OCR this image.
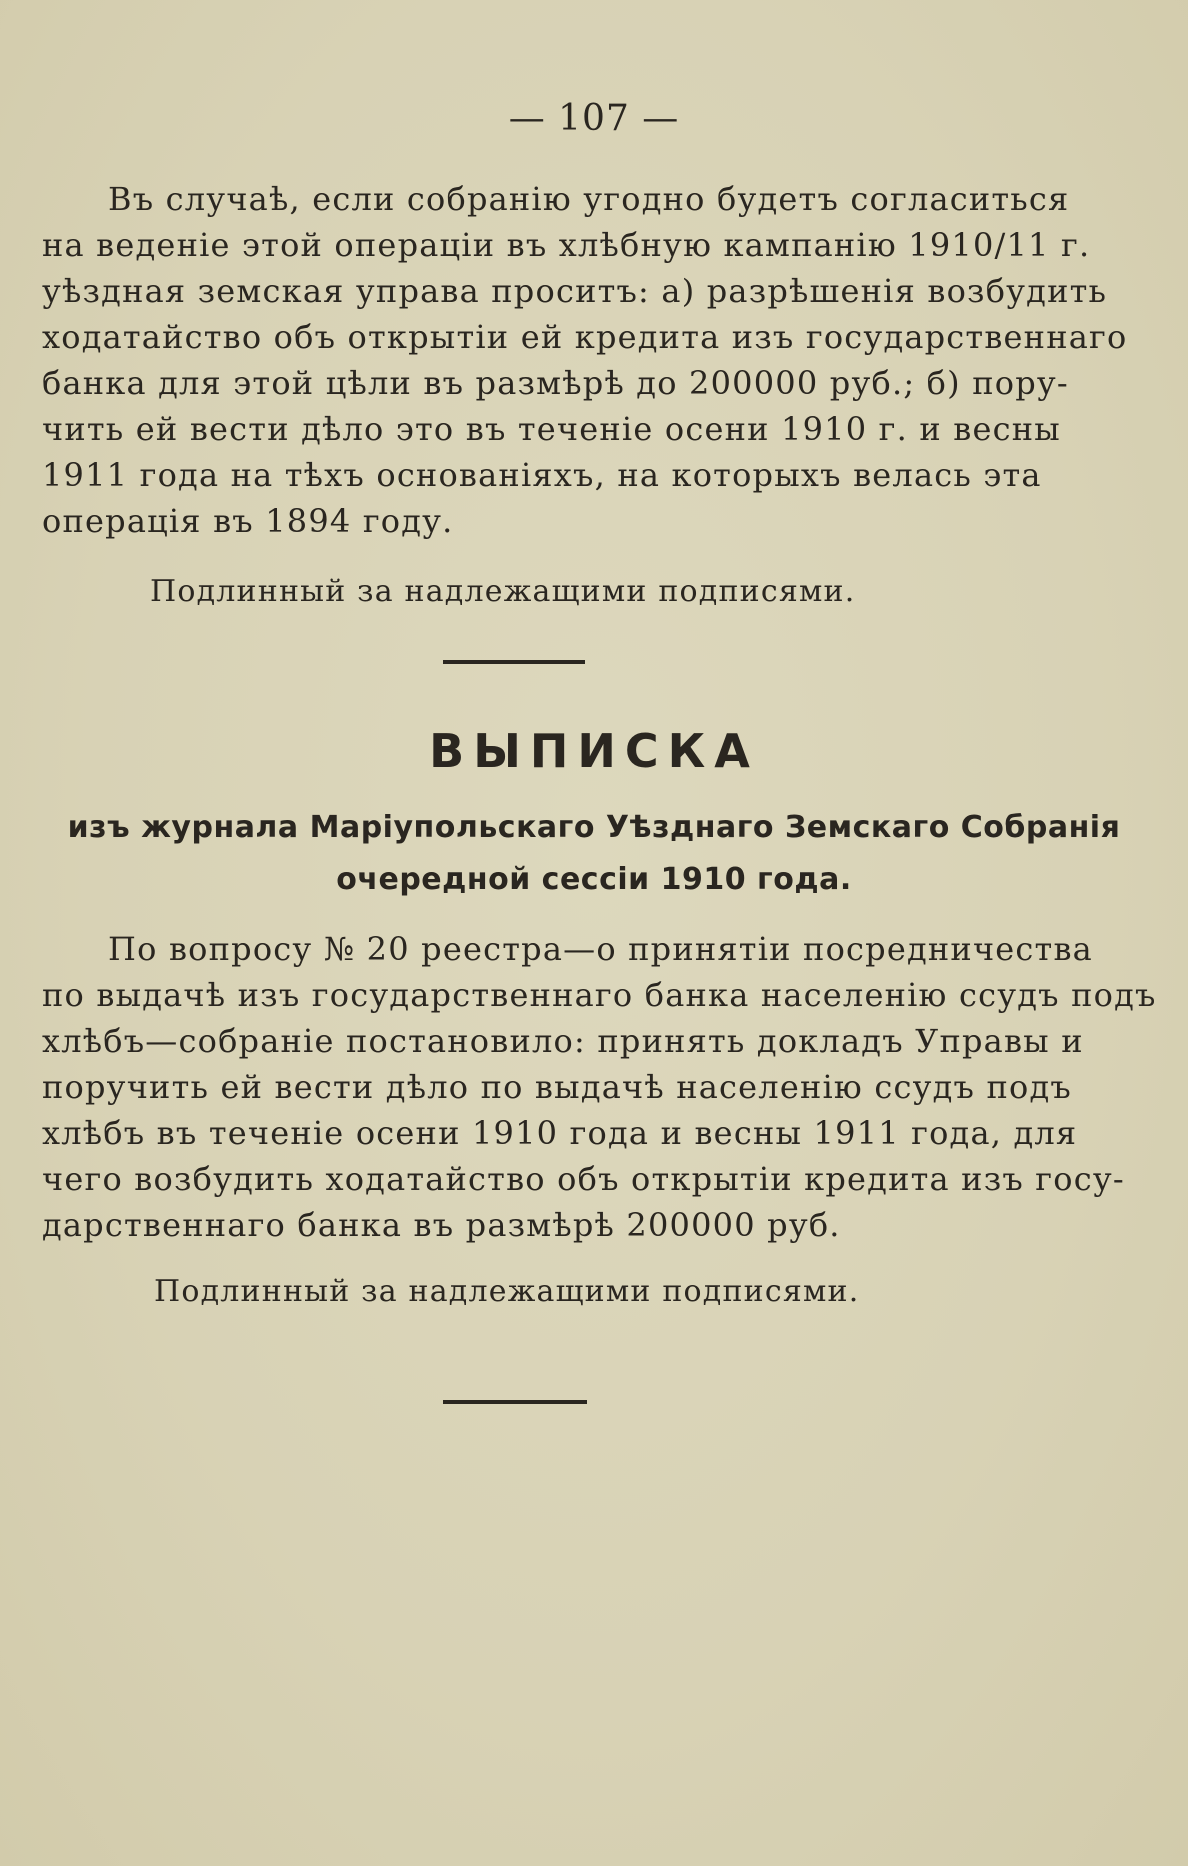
— 107 —
Въ случаѣ, если собранію угодно будетъ согласиться
на веденіе этой операціи въ хлѣбную кампанію 1910/11 г.
уѣздная земская управа проситъ: а) разрѣшенія возбудить
ходатайство объ открытіи ей кредита изъ государственнаго
банка для этой цѣли въ размѣрѣ до 200000 руб.; б) пору-
чить ей вести дѣло это въ теченіе осени 1910 г. и весны
1911 года на тѣхъ основаніяхъ, на которыхъ велась эта
операція въ 1894 году.
Подлинный за надлежащими подписями.
ВЫПИСКА
изъ журнала Маріупольскаго Уѣзднаго Земскаго Собранія
очередной сессіи 1910 года.
По вопросу № 20 реестра—о принятіи посредничества
по выдачѣ изъ государственнаго банка населенію ссудъ подъ
хлѣбъ—собраніе постановило: принять докладъ Управы и
поручить ей вести дѣло по выдачѣ населенію ссудъ подъ
хлѣбъ въ теченіе осени 1910 года и весны 1911 года, для
чего возбудить ходатайство объ открытіи кредита изъ госу-
дарственнаго банка въ размѣрѣ 200000 руб.
Подлинный за надлежащими подписями.
